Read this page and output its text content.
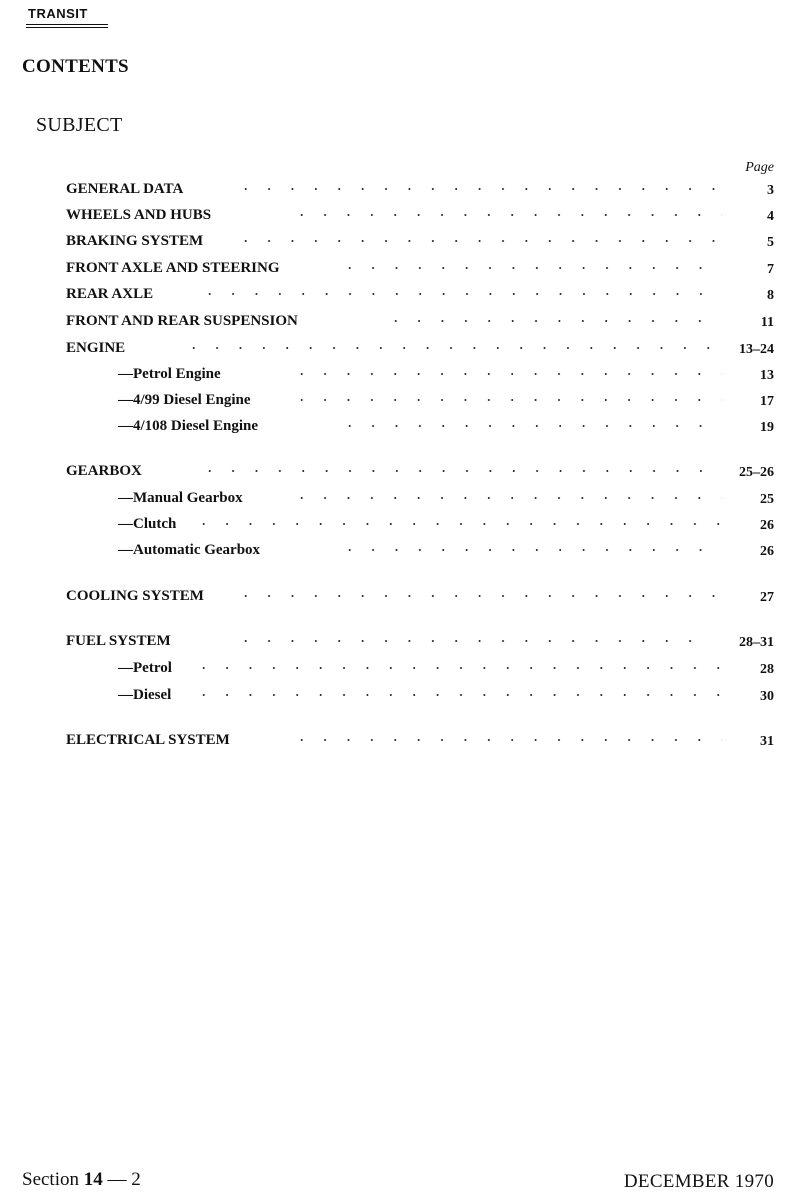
TRANSIT
CONTENTS
SUBJECT
Page
GENERAL DATA	3
WHEELS AND HUBS	4
BRAKING SYSTEM	5
FRONT AXLE AND STEERING	7
REAR AXLE	8
FRONT AND REAR SUSPENSION	11
ENGINE	13–24
—Petrol Engine	13
—4/99 Diesel Engine	17
—4/108 Diesel Engine	19
GEARBOX	25–26
—Manual Gearbox	25
—Clutch	26
—Automatic Gearbox	26
COOLING SYSTEM	27
FUEL SYSTEM	28–31
—Petrol	28
—Diesel	30
ELECTRICAL SYSTEM	31
Section 14 — 2	DECEMBER 1970
